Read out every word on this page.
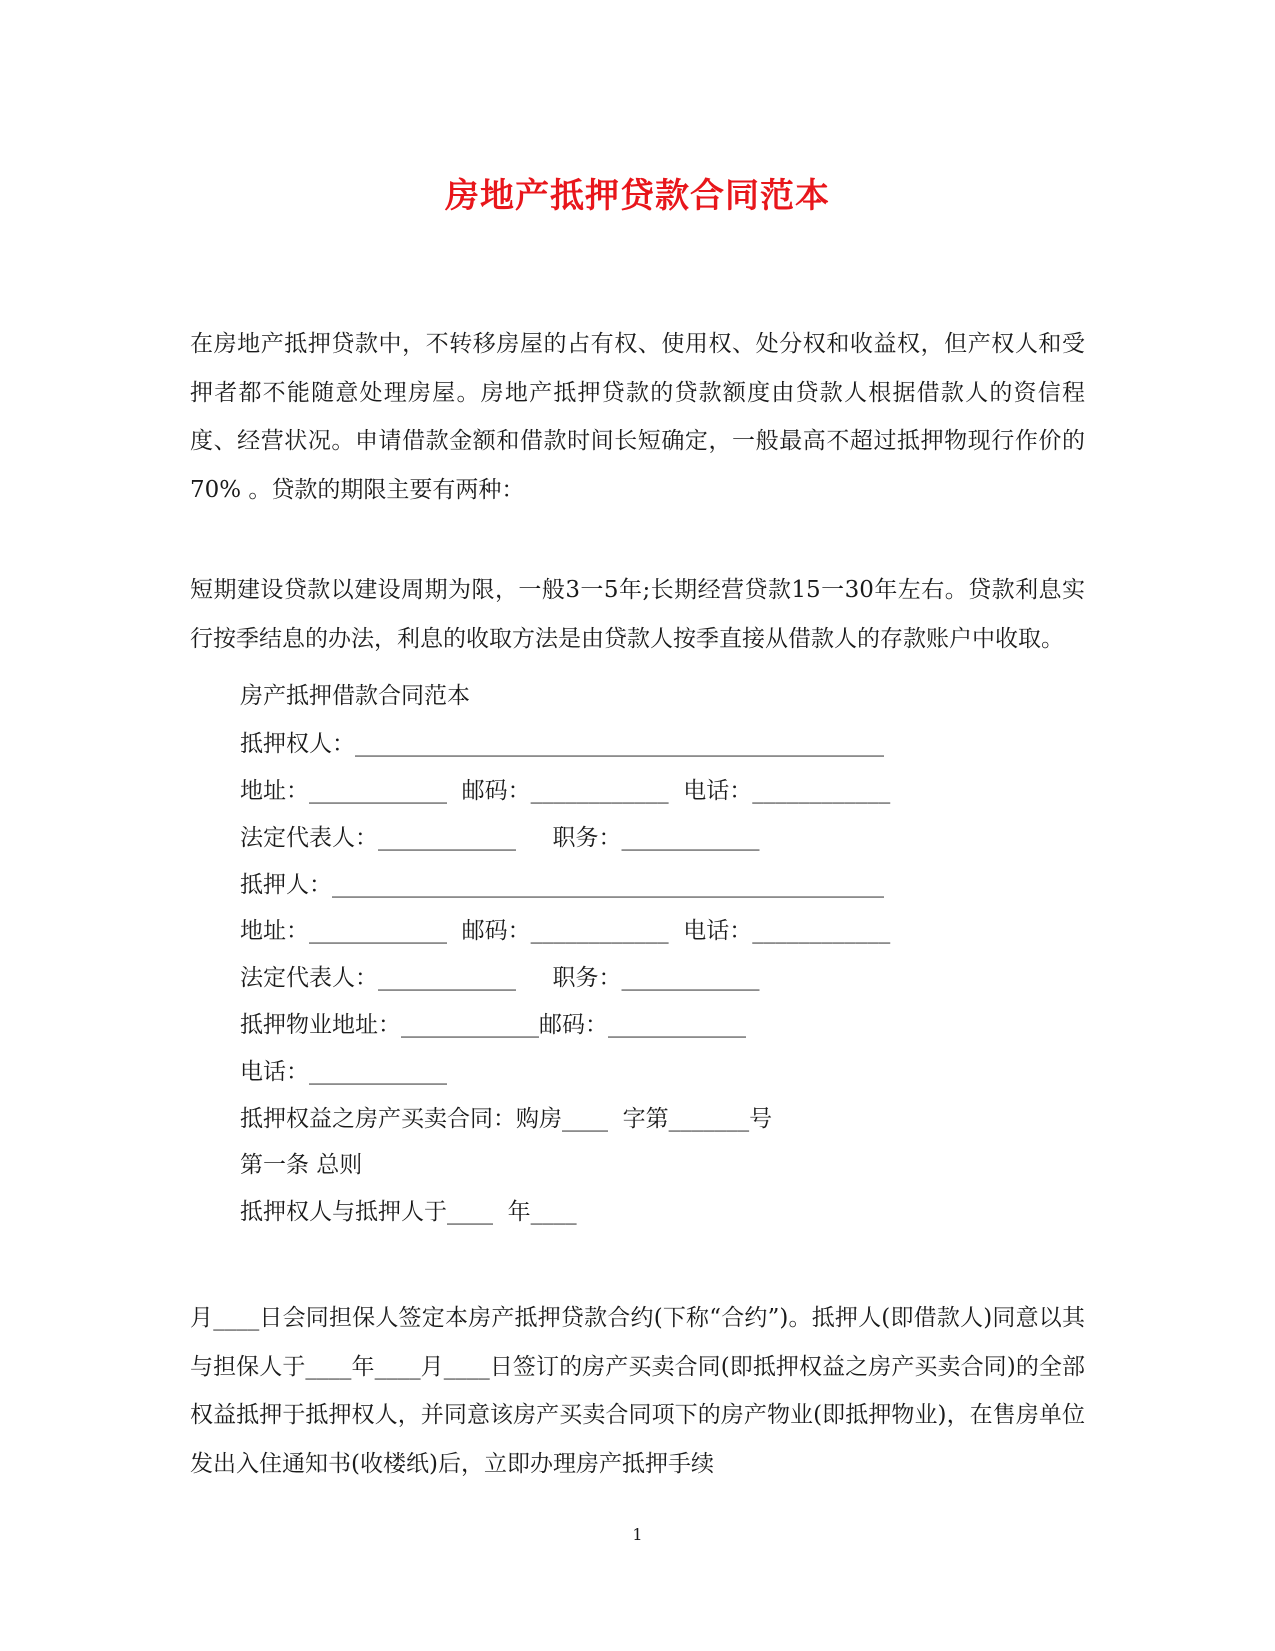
房地产抵押贷款合同范本
在房地产抵押贷款中，不转移房屋的占有权、使用权、处分权和收益权，但产权人和受押者都不能随意处理房屋。房地产抵押贷款的贷款额度由贷款人根据借款人的资信程度、经营状况。申请借款金额和借款时间长短确定，一般最高不超过抵押物现行作价的70% 。贷款的期限主要有两种：
短期建设贷款以建设周期为限，一般3一5年;长期经营贷款15一30年左右。贷款利息实行按季结息的办法，利息的收取方法是由贷款人按季直接从借款人的存款账户中收取。
房产抵押借款合同范本
抵押权人：______________________________________________
地址：____________  邮码：____________  电话：____________
法定代表人：____________     职务：____________
抵押人：________________________________________________
地址：____________  邮码：____________  电话：____________
法定代表人：____________     职务：____________
抵押物业地址：____________邮码：____________
电话：____________
抵押权益之房产买卖合同：购房____  字第_______号
第一条 总则
抵押权人与抵押人于____  年____
月____日会同担保人签定本房产抵押贷款合约(下称“合约”)。抵押人(即借款人)同意以其与担保人于____年____月____日签订的房产买卖合同(即抵押权益之房产买卖合同)的全部权益抵押于抵押权人，并同意该房产买卖合同项下的房产物业(即抵押物业)，在售房单位发出入住通知书(收楼纸)后，立即办理房产抵押手续
1
